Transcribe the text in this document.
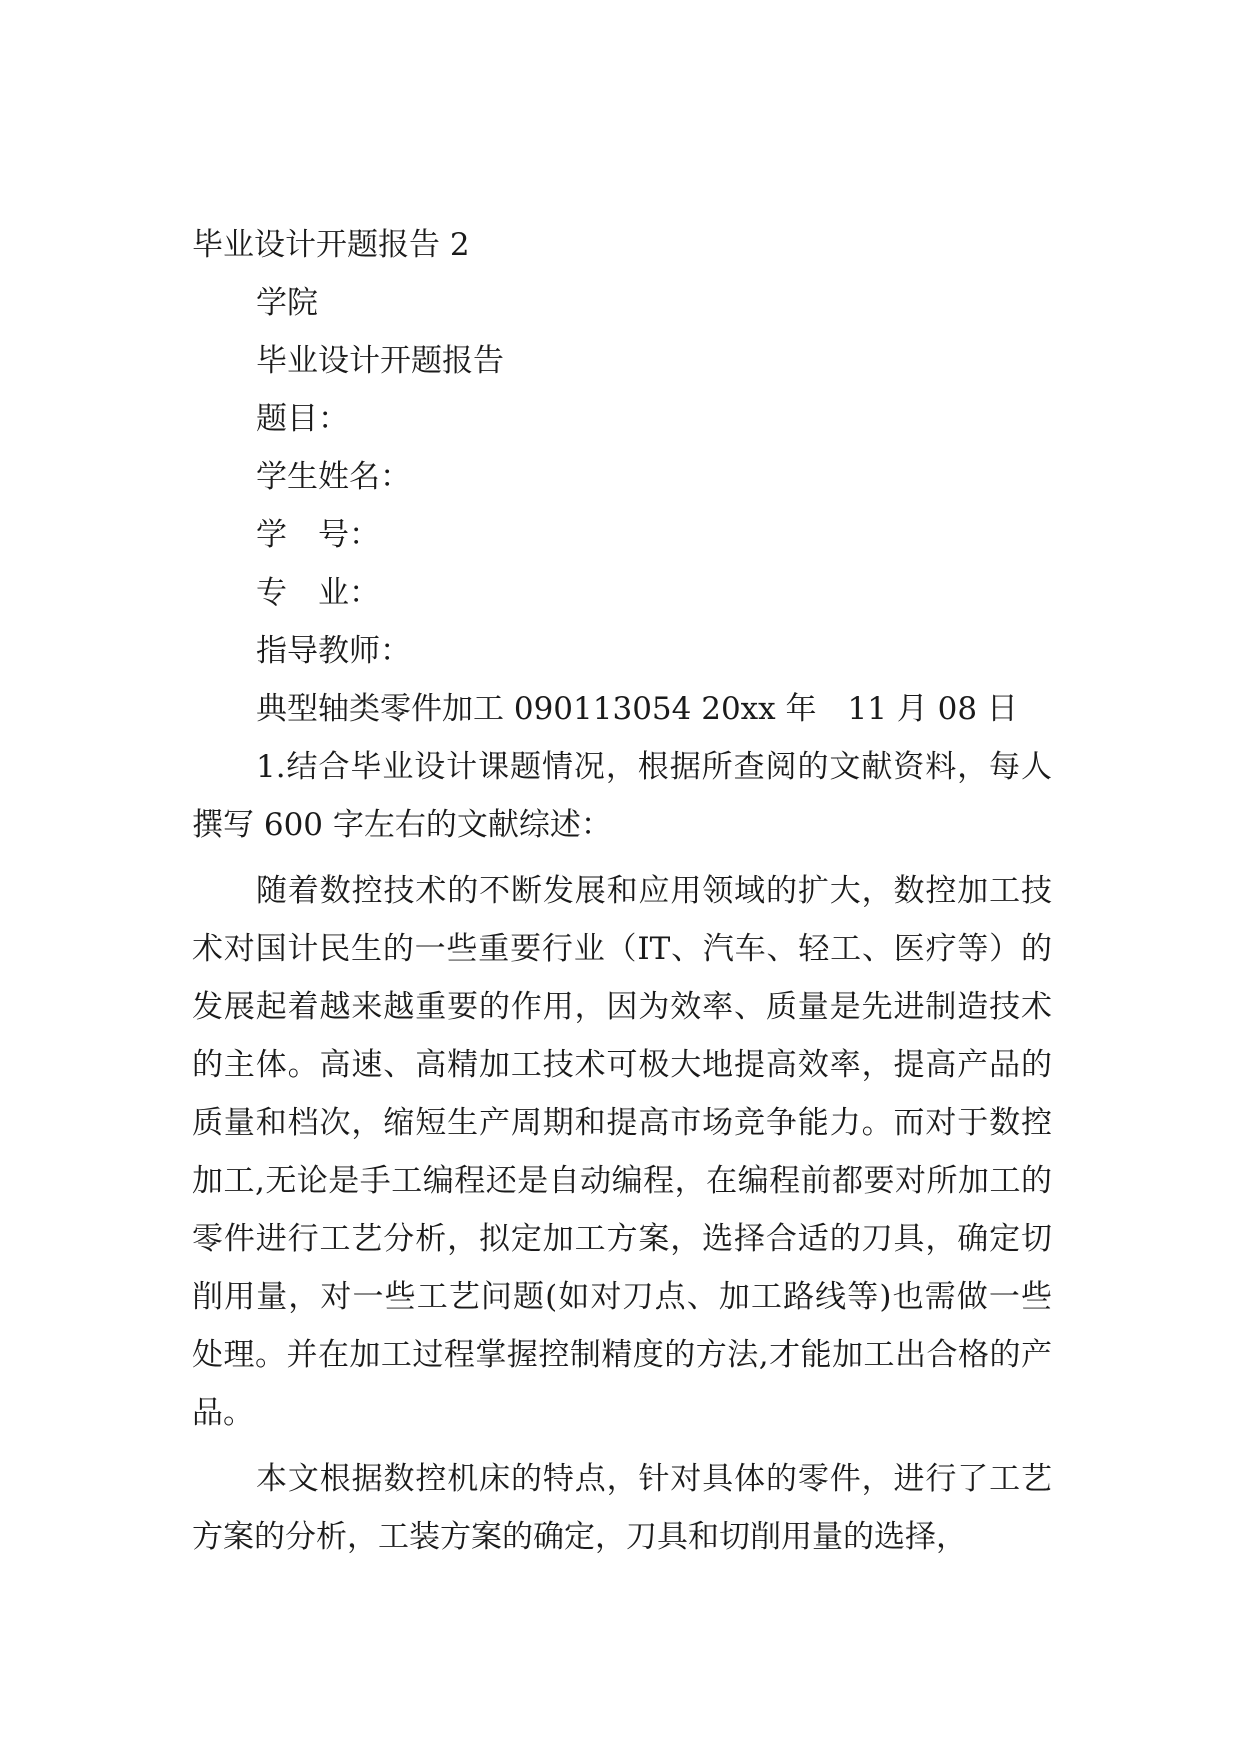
毕业设计开题报告 2
学院
毕业设计开题报告
题目：
学生姓名：
学　号：
专　业：
指导教师：
典型轴类零件加工 090113054 20xx 年　11 月 08 日
1.结合毕业设计课题情况，根据所查阅的文献资料，每人撰写 600 字左右的文献综述：
随着数控技术的不断发展和应用领域的扩大，数控加工技术对国计民生的一些重要行业（IT、汽车、轻工、医疗等）的发展起着越来越重要的作用，因为效率、质量是先进制造技术的主体。高速、高精加工技术可极大地提高效率，提高产品的质量和档次，缩短生产周期和提高市场竞争能力。而对于数控加工,无论是手工编程还是自动编程，在编程前都要对所加工的零件进行工艺分析，拟定加工方案，选择合适的刀具，确定切削用量，对一些工艺问题(如对刀点、加工路线等)也需做一些处理。并在加工过程掌握控制精度的方法,才能加工出合格的产品。
本文根据数控机床的特点，针对具体的零件，进行了工艺方案的分析，工装方案的确定，刀具和切削用量的选择，
